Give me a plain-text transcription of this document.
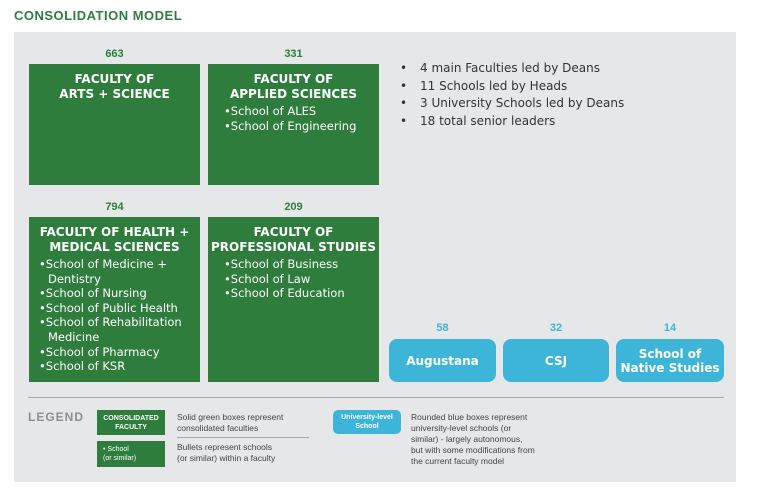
CONSOLIDATION MODEL
663
FACULTY OF
ARTS + SCIENCE
331
FACULTY OF
APPLIED SCIENCES
• School of ALES
• School of Engineering
794
FACULTY OF HEALTH +
MEDICAL SCIENCES
• School of Medicine + Dentistry
• School of Nursing
• School of Public Health
• School of Rehabilitation Medicine
• School of Pharmacy
• School of KSR
209
FACULTY OF
PROFESSIONAL STUDIES
• School of Business
• School of Law
• School of Education
• 4 main Faculties led by Deans
• 11 Schools led by Heads
• 3 University Schools led by Deans
• 18 total senior leaders
58
Augustana
32
CSJ
14
School of
Native Studies
LEGEND	CONSOLIDATED
FACULTY
Solid green boxes represent
consolidated faculties
• School
(or similar)
Bullets represent schools
(or similar) within a faculty
University-level
School
Rounded blue boxes represent
university-level schools (or
similar) - largely autonomous,
but with some modifications from
the current faculty model
